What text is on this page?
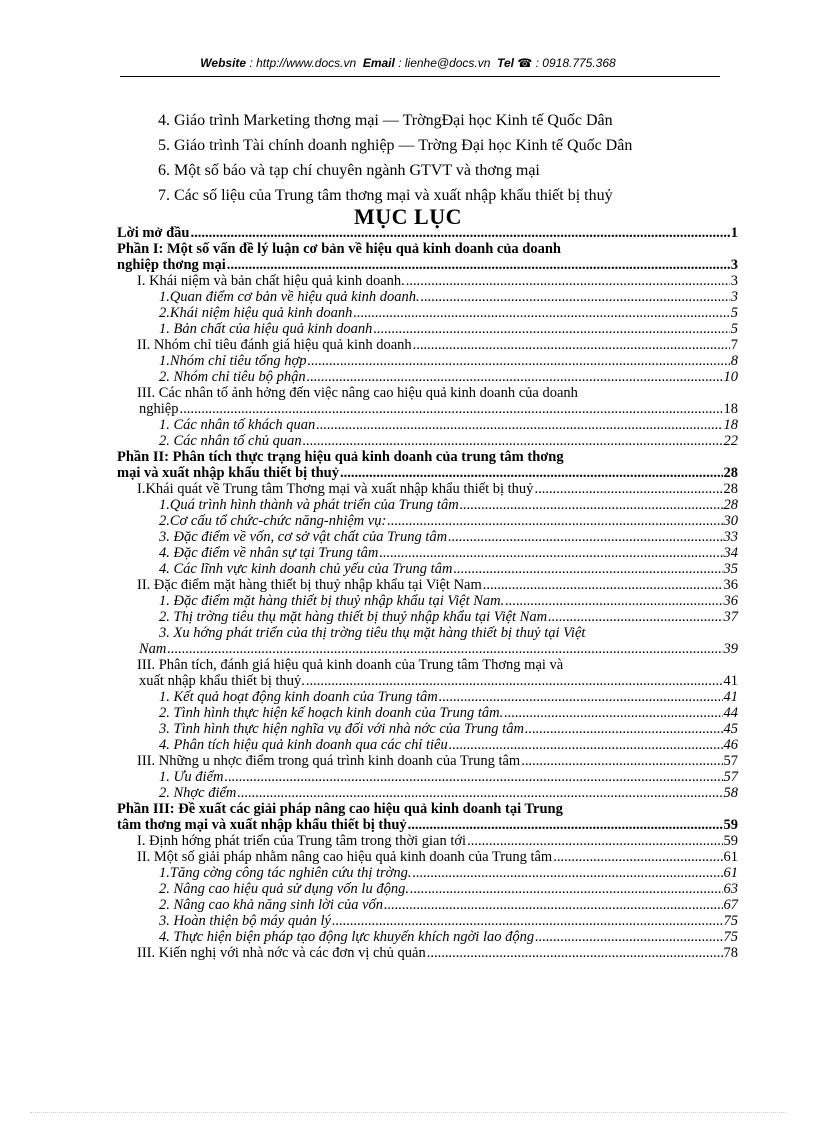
Website : http://www.docs.vn Email : lienhe@docs.vn Tel ☎ : 0918.775.368
4. Giáo trình Marketing thơng mại — TrờngĐại học Kinh tế Quốc Dân
5. Giáo trình Tài chính doanh nghiệp — Trờng Đại học Kinh tế Quốc Dân
6. Một số báo và tạp chí chuyên ngành GTVT và thơng mại
7. Các số liệu của Trung tâm thơng mại và xuất nhập khẩu thiết bị thuỷ
MỤC LỤC
Lời mở đầu .....	1
Phần I: Một số vấn đề lý luận cơ bản về hiệu quả kinh doanh của doanh
nghiệp thơng mại .....	3
I. Khái niệm và bản chất hiệu quả kinh doanh. .....	3
1.Quan điểm cơ bản về hiệu quả kinh doanh. .....	3
2.Khái niệm hiệu quả kinh doanh .....	5
1. Bản chất của hiệu quả kinh doanh .....	5
II. Nhóm chỉ tiêu đánh giá hiệu quả kinh doanh .....	7
1.Nhóm chỉ tiêu tổng hợp .....	8
2. Nhóm chỉ tiêu bộ phận .....	10
III. Các nhân tố ảnh hởng đến việc nâng cao hiệu quả kinh doanh của doanh
nghiệp .....	18
1. Các nhân tố khách quan .....	18
2. Các nhân tố chủ quan .....	22
Phần II: Phân tích thực trạng hiệu quả kinh doanh của trung tâm thơng
mại và xuất nhập khẩu thiết bị thuỷ .....	28
I.Khái quát về Trung tâm Thơng mại và xuất nhập khẩu thiết bị thuỷ .....	28
1.Quá trình hình thành và phát triển của Trung tâm .....	28
2.Cơ cấu tổ chức-chức năng-nhiệm vụ: .....	30
3. Đặc điểm về vốn, cơ sở vật chất của Trung tâm .....	33
4. Đặc điểm về nhân sự tại Trung tâm .....	34
4. Các lĩnh vực kinh doanh chủ yếu của Trung tâm .....	35
II. Đặc điểm mặt hàng thiết bị thuỷ nhập khẩu tại Việt Nam .....	36
1. Đặc điểm mặt hàng thiết bị thuỷ nhập khẩu tại Việt Nam. .....	36
2. Thị trờng tiêu thụ mặt hàng thiết bị thuỷ nhập khẩu tại Việt Nam .....	37
3. Xu hớng phát triển của thị trờng tiêu thụ mặt hàng thiết bị thuỷ tại Việt
Nam .....	39
III. Phân tích, đánh giá hiệu quả kinh doanh của Trung tâm Thơng mại và
xuất nhập khẩu thiết bị thuỷ. .....	41
1. Kết quả hoạt động kinh doanh của Trung tâm .....	41
2. Tình hình thực hiện kế hoạch kinh doanh của Trung tâm. .....	44
3. Tình hình thực hiện nghĩa vụ đối với nhà nớc của Trung tâm .....	45
4. Phân tích hiệu quả kinh doanh qua các chỉ tiêu .....	46
III. Những u nhợc điểm trong quá trình kinh doanh của Trung tâm .....	57
1. Ưu điểm .....	57
2. Nhợc điểm .....	58
Phần III: Đề xuất các giải pháp nâng cao hiệu quả kinh doanh tại Trung
tâm thơng mại và xuất nhập khẩu thiết bị thuỷ .....	59
I. Định hớng phát triển của Trung tâm trong thời gian tới .....	59
II. Một số giải pháp nhằm nâng cao hiệu quả kinh doanh của Trung tâm .....	61
1.Tăng cờng công tác nghiên cứu thị trờng. .....	61
2. Nâng cao hiệu quả sử dụng vốn lu động. .....	63
2. Nâng cao khả năng sinh lời của vốn .....	67
3. Hoàn thiện bộ máy quản lý .....	75
4. Thực hiện biện pháp tạo động lực khuyến khích ngời lao động .....	75
III. Kiến nghị với nhà nớc và các đơn vị chủ quản .....	78
